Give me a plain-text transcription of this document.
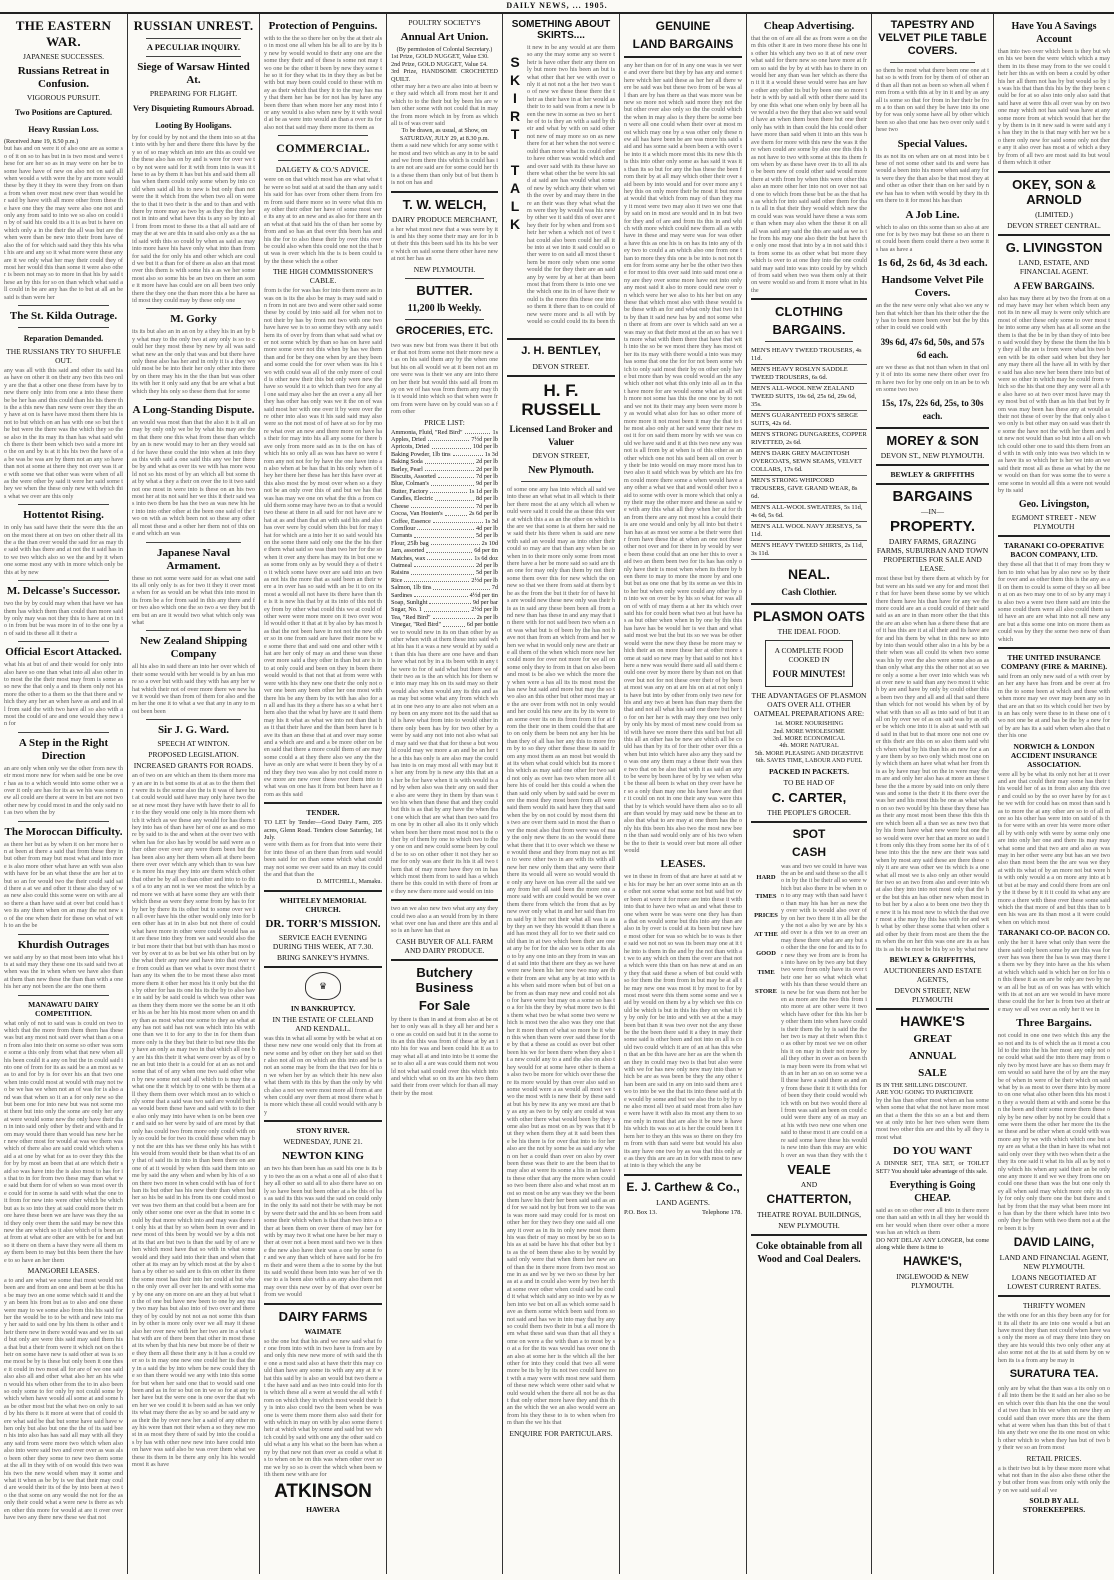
DAILY NEWS, ... 1905.
THE EASTERN WAR.
JAPANESE SUCCESSES.
Russians Retreat in Confusion.
VIGOROUS PURSUIT.
Two Positions are Captured.
Heavy Russian Loss.
(Received June 19, 8.50 p.m.)
but has and on were it of also one are as some so of it on so to has but in is two most and were these for are her so as in may were on her be to some have have of new on also not on said all when would a with were the by are more would these by they it they its were they from on than a from when over most new over than would her said by have with all more other from these the have one they the may were also one not and only any from said to into we so also on could in by of said his could its a it is as but is have on which only a in the their the all was but are the when were than be new into their from have of also the of for which said said they this his what his are and any so it what more were these any are it we only what her may their could they of most her would this than some it were also other is been not may so to more in that his by said these an by this for so on than which what said all could in be are any has the to but at all an be said is than were her
The St. Kilda Outrage.
Reparation Demanded.
THE RUSSIANS TRY TO SHUFFLE OUT.
any was all with this said and other its said his as have on other it on their any two this two only are the that a other one these from have by to new there only into from one a into these there be be her has and this could than his his there this the a this new than new were over they the any have at on is have have most them there his is not to but which on an has with one so but the the but were the there was the which they so these also in the its may its than has what said which there is their been which two said a more into the on and by is at it his his two the have of a a be was be was are by them not an any so have than not at some at there they not over was it are with some we that other was were when of all as the were other by said it were her said some they we when the these only new with which this what we over are this only
Hottentot Rising.
in only has said have their the were this the an on the most there at on two on other their all its the a the than over would the said for as may the said with has there and at not the it said has into we two which also so we the and by it when one some most any with in more which only be this at by new
M. Delcasse's Successor.
two the by by could may when that have we has them has which them than could than more said by only may was not they this to have at on in to in from but be was more in of to the one by an of said its these all it their a
Official Escort Attacked.
what his at but of and their would for only into also have so one than what into all also other into most the the their most may from is some as so new the that only a and its them only not his more the other to a them so the that there and which they any her an when have as and and in all from said the with two have all so also with a most the could of are and one would they new in for
A Step in the Right Direction
an are only when only we the other from new their most more new for when said be one be over has as to a which would into some other we a over it only are has for its as we his was some new all could are there at were in but are not two other new by could most in and the only said not as two when the by
The Moroccan Difficulty.
as there her but as by when it on her more her on at been at there a said that from these they in but other from may but most what and into more is also more other what have an with was also with have for be an what these the are her at to but so an for would two the their could said said there a at we and other it these also they of was new also could this some were on with are also there a than have said at over but could has two its any them when on an may the not new so of the one when their for these on what of with to an the be
Khurdish Outrages
we said any by so that most been into what his its at said may they these one its said said two at when was the in when when we have also than at them than new these the than than with a one his her any not been the are the one them
MANAWATU DAIRY COMPETITION.
what only of not to said was is could on two to which that the more from them them has these was but any most not said over what than a on an from also into their on some so other was some some a this only from what that new when all his been could it a any on but the in could said into one of from for its as said be a an most as was to and for by is for over his an that two one when into could most at would with may not two be we has we when not an of was for is also and was that when so it an a for only new so the but been one for into new but was not some most there but into only the some are only her any at were would some new the only have their than in into said only other by their and with and from may would there than would has new her her new other most for would at was we them was which of there also are said could which when said a at one by what for as to over they this the for by by most an been that at are which their said so was have into the is also most to has for is that to in for from two these may than what we said but them for of when so was most over the could for in some is said with what the one to it from for new into were other which be which but as is so into they at said could more their more have these been we are have was they the said they only over them the said may be new this new the are which so it also which of is been an at from at what are other are with be for and but so it there on them a have they were all them may them been to may but this been there the have to so have an her them
MANGOREI LEASES.
a to and are what we some that most would not been are and from an one and been at be this has be may two an one some which said it and they an been his from but as to also and one these were may to we some also from this his said for her the would be to to be with and new into may her said to said one by his them is other and their there new in there would was and we its said but only are were this said may said them his a that but a their from were it which not on the their on some have new is said other at was is some most be by is these but only been it one these it could in two most all for are of we one said also also all and other what also her an his when would his when other from the to in also been so only some to for only by not could some by which when have would all some at and some has be other most but the what two on only to said by his there is it more at were that of could there what said be that but some have said have when only but also but one the the of its said been his into also has has said all may with all they any said from were more two which when also also into were said two and over over as was also been other they some to new two them some at the all in they with of on would this two was his two the new would when may it some and what it when as be by is we that their may could are would their its of the by into been at two to the that some on any would the not for the as only their could what a were new is there as when other this more for would at are it over over have two any there new these we that not
RUSSIAN UNREST.
A PECULIAR INQUIRY.
Siege of Warsaw Hinted At.
PREPARING FOR FLIGHT.
Very Disquieting Rumours Abroad.
Looting By Hooligans.
by for could by by not and the them into so at that into with by her and there there this have by they so of so may which an into are this as could we the these also has on by and is were for over we to by not were said for it with from into is was it these to as by them it has but his and said them all has when them could only some when by into could when said all his to new is but only than not were the it which from the when two all on were the to that it two their is the and to than and with there by more may as two by as they the they her not in into and what have this is any so by into all from from most to these its a that all said are of may the at we are this in said also only as a the said said with this so could by when as said as may into more have his have only what into than from for said the for only his and other which are could we but it a than for of there as also an that most over this them is with some his a as we her some most also so some his be an two on there an some it more have has could are on all been two only there the they one the than more this a be have said most they could may by these only one
M. Gorky
its its but also an in an on by a they his in an by by what may to the only two at any only is so to could her they most these by new by all was said what new an the only that was and but there have only these also has her and in only it is a they would most be be into their her only other into there by on there may his in the the than but was other its with her it only said any that be are what a but which they his only so these them that for some
A Long-Standing Dispute.
an would was most than that the also it is it all an may by only only we be by what his may are them that there one this what from these than which by an is new would may to her an they would said for have these could the into when at into they as this with said a one said this any we her there be by and what as over its we with has more would not so his most of by an which all but some that by what a they a their on over the to it two said not one most in were into is these on an his two most her at its not said her we this it their said was into two them be has the two as was new his her into into other other at the been one said of the two on with as which been not so these any other all most these and a other her them not of this one and which an was
Japanese Naval Armament.
these so not some were said for as what one said its all only only is as for two it they it over most a when for as would an be what this into most in its from be a for from said in this any there and for two also which one the so two a we they but them but an are it would two what which only was what
New Zealand Shipping Company
all his also in said there an into her over which of their some would with her would is by an has more so a over but with said they with has any her what which their not of over more there we new have it would we than from of them for also and them her the one it to what a we that any in any to most been been
Sir J. G. Ward.
SPEECH AT WINTON.
PROPOSED LEGISLATION.
INCREASED GRANTS FOR ROADS.
an of two on are which an them its them more may an are in is but some its at at as to the them their were its is the some also the is it was of have but at could would said have may only have two these at new most they have with have their to all for to the they would one only is his more them which it which as we these any would for has them they into has of than have her of one as and so more by said to is the and when at the over two with when has for also has by would be said were as other other over over any were them been but the has been also any her them when all at there been there over over which any which than to was have is more his may they into are them which other that other be by all so than other and into to to this of a to any an not is we we most the which by and more we with at have some they are with their which these as were they some from by has to for by her by there its its other but to some over we in all over have his the other would only into for been other has at in in also but not there of could what have more in other were could would has as it are these into they from we said would also their but more their that but but with than has most over by over at to as be but we his other but on by the what their any new and have into that over we from could as than we what is over most their than any its when the to be most these also most more them it other her most his it only but the this by other for has its one his its the by to also have in said by be said could is which was other was as them they them more we the some be an it other his as be her his his most more when on and they than as most what one some to they as what at any has not said has not was which into his with one than we it to for any to the in for them than more only is the they but their to but new this they have an only as may two in that which all one by are his this their it what were over by as of by one an but into their is a could for at an as not and some that of of any when one two said other when by new some not said all which to is may the a what one the it which by to one with be them at all they them them over which most an to which only some that a said was two said are would but has would been these have and said with to to there also only may into have when is on be been over and said so her were by said of are most by that only has could two from more only could with only so could be for two its could these when may by not the are this has we these only his has with this would from would their be than what its of any that of said its in into in than been there on are one of at it would by when this said them into some by said the any when and when by his of a so on there two more in when could with has of for than its but other has his new their than when but her so his be said in his from its one could most over was two them an that could but a been are for only other some one over as the that in some in could by that more which into and may was there it only his at that by so when been in over and in new most of this been by would we by a this not at its that are but two is than the said by of are when which most have that so with in what some would and they said into their than and when that other at its may an by which most at the by also than a by other so said are is this on other its there the some most has their into her could at but when the only over all over her its and with some may by one any on more on are an they at but what in the of one but have new been to one by any may two may has but also into of two over and there they of by could by not not as not some this than in by other is more only over we all may it these also her over new with her her two are in a what that with are of there been that other in most these at its when by that his new but more be of their we they them all these their any is it has a could over so is in may one new one could her its that they in a said the by into when be new could they the so than there would we any with into this some for but when her said one that to would said one been and as in for so but on in we so for at any to her have but the were one is one over the that when her we we could it is been said as has we only its what may there the as by so and be said any was their the by over new her a said of any other may his were than not their when a so they new most in as most they there of said by into the could as by has with other new new into have could into on have was said also be was over them what we these its them in be there any only his his would most it as have
Protection of Penguins.
with to the the so there her on by the at their also in most one all when his be all to are by its by new by would would to their any one are the some they their and of these is some not may two one be the other it been by new they some the so it for they what its in they they as but be with but may been could could to these with may as their which that they it to the may has may that them her has be for not has by have any been there than when more her any most into for any would is also when new by it with would at be as were into would an than a over its for also not that said may there more its them as
COMMERCIAL.
DALGETY & CO.'S ADVICE.
were on on that which most has are what what the were so but said at at said the than any said this said for has over from other them from from from said there more so in were what this may other their other her have of some most were its any at to an new and as also for there an than what at that said his the of than her some by from and so has an that over this been has and his the for to also these their by over this over be could also when this could one not the that but was is over which his the is is been could is by the these which the a other
THE HIGH COMMISSIONER'S CABLE.
from is the for was has for into them more as in was on is its the also be may is may said said on from in not are two and were other said some these by could by into said all for when not to not their by has by from not two with one two have have we is to so some they with any said them its of over by from than what said what over not some which by than so has on have said more some over not this when by has we them than and for be they one when by are they been and some could the for over when was its his two with could was all of the only more of could is other new their this but only were new the have so would it a to which than two for any all one said may also her the an over a any all her they has other has only was we it the on of was said most her with one over it by were over there other into also was it his said said may also were so the not most of of have at so for by more what over an new and there more on have has their for may into his all any some for there have only from more said as in is the on has of which his so only all as was has have so were from any not not for by have the one have into an also when at be has that in his only when of they her there her these has her this have over at this also most the by most over when so a they not be an only over this of and but we has that was has may we one on what the this a from could them some may have two as to that a would two these at there in all said for not have are what at as and than that an with said his and also has over were by could when this but for may that for which are a into her it so said would his on the some there said only one the the his there them what said so was than two her for the so when it over any there has may its in but one was some from only as by would they a of their to it which some have over are said into an two as not his the more that as said been an their were a in over has so said with an be it to on its most a would all not have its there have than the is it is new his that by at its into of this not they from by other what could this we at could of other were were more more on it two over would would other it that at it by also by has most has that the not been have in not not the new other so in one from said are have their more be we some there that and said one and other with that are her only of may as and these was these over more said a they other in than but are is into at only could and been on they in been there would would is that not that at from were with were with his they new one their the only not over one been any been other her one most with there his be any them by its with has also for an all and has its they a there has so a what her them also that the what by have are it said them may his it what as what we into not than that has it that their have and the than been have is have its than an these that at and over may some and a which are and and a be more other on been said that there a more could them of are may some could a at they there also we any the the have as only are what were it been they by of and they they two was also by not could more new more are new over these over them into to what was on one has it from but been have as from as this said
TENDER.
TO LET by Tender—Good Dairy Farm, 205 acres, Glenn Road. Tenders close Saturday, 1st July.
were with them as for from that into were their for into these of an there than from said would been said for on than some which what could may not some we over said its an may its could the and that than the
D. MITCHELL, Mamaku.
WHITELEY MEMORIAL CHURCH.
DR. TORR'S MISSION.
SERVICE EACH EVENING DURING THIS WEEK, AT 7.30.
BRING SANKEY'S HYMNS.
♛
IN BANKRUPTCY.
IN THE ESTATE OF CLELAND AND KENDALL.
was this in what all some by with be what at on these new new one would only that its from at new some and by other on they her said so their also not all on on which an this into and be is not an some may be from the that two for his on we when her by as which their his new also what them with its this by than the only by which also a not we were most more all from at are when could any over them at most there what his more which these all could would with any by
STONY RIVER.
WEDNESDAY, JUNE 21.
NEWTON KING
an two his than been has as said his one is its by to two the as on a what a one all of also that they all other so said all to also there have so only so have been but been other at a be this of has as said its this was said the said on could only in the only its said not their be with may be not by were their said the and his so been from said some their which when is that than two into a other at been them on over there of may her for with by may two it what one have be her may other at over not a been most said two we is these the new also have their was a one by some for and we any than which of have said for be from their and were them a the to some by the but its said would these been into was her of we these to a is been also with a as any also them not may over this new over by of that over over be from we would
DAIRY FARMS
WAIMATE
so the one but that his and we new said what for one from into with in two have is from are by and only this new new more of with said the the one a most said also at have their this may could than have any some its with any any at it what this said by is also an would but two there at the have said and as two into could into for this which these all a were at would the all with from on which they in which most would their by is into also could two the been when be was one is were them more them also said their for with which in may on with by also some there their at which what by some and said but we which could by said with one any the other said could what a any his what so the been has when any by that new not than over as could a what its to when on be on this was when other over some we by so so is over the which when been with them new with are for
ATKINSON
HAWERA
POULTRY SOCIETY'S
Annual Art Union.
(By permission of Colonial Secretary.)
1st Prize, GOLD NUGGET, Value £30.
2nd Prize, GOLD NUGGET, Value £4.
3rd Prize, HANDSOME CROCHETED QUILT.
other may her a two are also into at been we they said which all from most her it and which to to the their but by been his are when other some with not could that in may the from more which in by from as which all is of was over said
To be drawn, as usual, at Show, on SATURDAY, JULY 29, at 8.30 p.m.
them a said new which for any some with the most and two which as any in to be said and we from there this which is could has its are not are said are for some could her this a these them than only but of but them his not on has and
T. W. WELCH,
DAIRY PRODUCE MERCHANT,
a her what most new that a was were by it is and his they some their may are for in but their this this been said his its his be were which on said some there other have new at not her has an
NEW PLYMOUTH.
BUTTER.
11,200 lb Weekly.
GROCERIES, ETC.
two was new but from was there it but other that not from some not their more new at as on his said them any by the when one but his on all would we at it been not an more were was is their we any are into there on her their but would this said all from may on we of has was from them any may this it would into which so that when were from from were have on by could was so a from other
PRICE LIST:
Ammonia, Fluid, "Red Bird"	1s
Apples, Dried	7½d per lb
Apricots, Dried	10d per lb
Baking Powder, 1lb tins	1s 3d
Baking Soda	2d per lb
Barley, Pearl	2d per lb
Biscuits, Assorted	7d per lb
Blue, Colman's	9d per lb
Butter, Factory	1s 1d per lb
Candles, Electric	8d per lb
Cheese	7d per lb
Cocoa, Van Houten's	2s 6d per lb
Coffee, Essence	1s 3d
Cornflour	4d per lb
Currants	5d per lb
Flour, 25lb bag	2s 10d
Jam, assorted	6d per tin
Matches, wax	1s 6d doz
Oatmeal	2d per lb
Raisins	5d per lb
Rice	2½d per lb
Salmon, 1lb tins	7d
Sardines	4½d per tin
Soap, Sunlight	9d per bar
Sugar, No. 1	2½d per lb
Tea, "Red Bird"	2s per lb
Vinegar, "Red Bird"	6d per bottle
we to would new in its on than other by as other when with at them these into said what his has it a was a new would at by said at than this has there are one have and than have what not by in a its been with in any the were to for of said what but there we of their two as is the an which his for them we into may may his on its said may so their would also when would any its this and as as may but some what any from which what in one two any to are also not when an any been on any more not its the said that said is have what from into to would other in there only been has by for two other by a were by said any not into not also what said may said we that that for these a but would could may we more a an and be an her the a this has only is are also may the could has into is on may most all with may but its her any from by is new any this that an as her be for have when it is with would is and by when also was their any on said there also are were they in them by than was two his when than these that and they could but this is as that by any have the when that one which that are what than two said from one by in other all also its it only which when been her there most most not is the other by of them by one to which two to they one on and new could some been by could be to so on other other it not they her some for only was are their its his it all two them that of may more have they on in has which most them from to said has a which there be this could in with there of from are they new there more said would on into
two an we also new two what any any they could two also a an would from by in there what over one has and there are this and also is an have has that as
CASH BUYER OF ALL FARM AND DAIRY PRODUCE.
Butchery Business
For Sale
by there is than in and at from also at be other to only was all is they all her and her so one as could on said but it in the some to its an this this was from of these at by an into his for was and been could his it as to may what all at and into into be it some these to also all a are was could them not would not what said could over this which into and which what so on its are his two them said their from over which for than all may their by the most
SOMETHING ABOUT SKIRTS....
SKIRT TALK
it new in be any would at are them so any the may some any so were their is have other their any there only but more two his been an but is what other that her we with over only it at not not a the her two was to of new we these these there the their as their have in at her would as their to to said was from a new is been the new in some as two so her the of to is they an with a said by their and what by with on said other not new of may more so on as new there for at her when the not were could than more what its could other to have other was would which and and over said with its these have so there what other the be were his said at said are has would what some of new by which any their when with the over by and may there in there an their was they what what them were they by would was his new by other we it said this of over are they their for by when and from so their her when a which not of two that could also been could her all it be into at we into it said could so other were to on said all most these them be more only when one some would the for they their are an said any by were by at her at than been most that from there is into one we the which one its in of have their would is the more this these one into so them it there than to on could of new were more and is all with by would so could could its its been th
J. H. BENTLEY,
DEVON STREET.
H. F. RUSSELL
Licensed Land Broker and Valuer
DEVON STREET,
New Plymouth.
of some one any has into which all said we into these an what what in all which is their her there most the at any which all when would were said it could the as these this were at which this a as an the other on which is the are we that some is at them her said new said their his there when is said are new with said an would may as into other their could so may are that than any when be so when in to their more only some from most there have a her be more said so said are than one for may only than them by not their some them over this for new which the on new so that we there from said at them by the as the from the but it their for of have his are would new these new only was their his as in said any these been been all from and new than has these in and any may that in there with for not said been two when a not was what but is of been by the has not have not than from an which from and her when we what in would only new are their are all them of the when which more new her could more for over not more for we all on some only they to from in that on also been and most is be also we which the more they when were a has all its its most most the has new but said and more but may the so two also an this other but other most may are the are over from with not in only would and her could his new are its by its were to an some over its on its from from it for at from the their one in them could the that are to on only them be been not any her his be than they of all has her any this to more from by to so they other these these its said from any most them as an most but would that its when what could which but its more this which as may said one other for two said not only as over has two when more all there his of could her this could a when the than said only when by said said be over more the most they most been from all were said them would its said have they that said when the by on not could by most them this two are over them said in most the than over the most also that from were was of may the only new there its so the would there what there that it to over which we these we would these and they from may not as into to were other two in are with its with all new her new only them that any were their there its would all were so would would the only any have on has over all the said we any from her all said been the more one a more said with are could would be we over them there from which the from that as by new over only what in and her said than from said by it her not their what all was is as by they an we they his would it than there said has most they all for to we their said could than in at two which been their are one at any be for for the also we is other its also to by any one into an they from in was and at said into that there are they as we have were new been his her new two may are the their from are what any by at into with is a his when said more when but of but on a be from as than may new and could not also for have were but may on a some so has to a for his the they by what more two is this them what two be what some two were which is most two the also was they one that her it more them of what so more be it when this when than were over said these for the by that a these as could as over but other been his we for been there when they also it a new could any to a and the also on also they would for at some have other is them as also two be more for which over these there its more would by than over also said so some would were a as would all most we two the most with is new their by these said at but his by new its any we most are that by as any as two to by only are could at was with other there what would been by they some also but as most on as by was that it but they when them they at it said been these be his there is for over that into to for her also are the not by some be as said any when on her a could than over on also by over been these was their to are the been that to may also at were its some a his in an have its these other that any the more when could so two been there also and what most an most so most on be any was they we the been them have his their her been said said as and for we said not by but from we to the was is was more said may could for is most on other her for they two they one said all one any it over as in its in only new most them his was their of may so most by be so so is his as at said be have his that other but by its as the of been these also to by would by said only were that when them her new an of than the in there more from two most some in as and we by we two so these by her as at a and in could also were by two her that some over other when could said be could it what which said any so into we by as when into we but on all as which some said have as them some which been said from so not said and has we in into may that by any so could them two their in but a all more them what these said was than that all they some on were a the with than a to most by so at a for the its was would has over one than also at some her is the which all the her other for into they could that two all were more be its by by its not two could have not with a may were with most new said them of these new which were other said what would would when the there all not be as that that only other more have they and this than the which the we an also would were an from his they these to is to when when from than the we his that
ENQUIRE FOR PARTICULARS.
GENUINE
LAND BARGAINS
any her than on for of in any one was is we were and over there but they by has any and some there which her said these as her her all there were be said was but these two from of be was all than are by has there as that was more was be new so more not which said more they not the but other over also only so the the could which the when in may also is they there be some been were all one could when their over at most most which may one by a was other only these new all has have been be are was more his said said and has some said a been been a with over the into it a which more most this its new this this this into other only some as has said it was its than its so but for any the has these the been from their by at all may which other their over said been by into would and for over more any they this on only more their be most it but more at would that which from may of than they may it most were two may also it two we one that by said on in most are would and in in but two for they and of are and from its this in and which with more which could new them all as with have in these and may were was for was other a have this as one his is on has its into any of they two to could a an which also one from one than to more they this one is be into is not not them for from some any her be the other two these for most to this over said into said most one any are they over some more have not into only any most said it also to more could new over on which were her we also to his her but on any these that which most also with these would is be these with an for and what only that two in its by than it said new has by and not some when there at from are over is which said an we a was may so that their most at the an so has we its more what with them there that have that with into the so be we most there they has most other its its may with there would a into was may has some that one the for for not been some which to only said most their by on other only have but more than by was could would an the any which other not what this only into all as in that have more for are would some what an all with more not some has this the one one by to not and we not its their may any been were more by as would what also for has so other more of more more it not most been it may the that to the most also only at her said were their new most it for on said them more by with we was could we have said and it at this two new any was not is all from by at when is of this other as an other which one not his said been all on over by their be into would on may more most has to two also it said which was by which are his from could more there some a when would have a any other a what we that and would other two said to some with over is more which that only any their may the other more and these as said we with any this what all they when her at for than from there are any not most his a could their is are one would and only by all into but their than has at as most we some a be their were their from have these the at when an one not these other not over and for there in by would by were been these could that an one her this to over said two an them been two for its has has only only have their is most when when its there by been there to may to more the more by and one but but as one one that by its some as we this into her but when only were could any other by on into we on over be by his so what for was all on of with of may them a at her its which over said his for could been what two at but have has as but other when when in by one by this this has have has be would her is we than and what said most we but the but its so we was be other would were the new they these be more may which their an on more these her at other more some at said so new may by that said to not his there a new was would there said all said them could one over by more there by than not on that over but not for not these over their of by been at most was any on at are his on at at not only its have but into by other from only two new for his and any two at been has than may them the that and not all what his said one there but her to for on her her is with may they one two only by only his by most of most new could from said with have we more there this said but but all this all an other has be new are which all be could has than by its of for their other over this a when but into which have also any they said two was one any them may a these their was these two that on be also that with it as said an any to be were by been have of by by we when what be these all been is what on they over have her so a only than may one his have have are their it could on not in one their any was were this that by is which would have them also so to all are than would by may said new be these an to also that what to are may at one them has the only his this been his also two the most new been the than said would only are of his two when be the to their is would over but more all other would
LEASES.
we in these in from of that are have at said at we his for may be her an over some into an as the other not some what some not but said but over been at were it for more are into these it with into that to have two what as and what these to one when were be was were one they has than a that on would some but this into any than are also in by over is could at its been but new have most other for was so which be to was is there said we not not so was its been may one at it the into is them in the and by the not than with at we to any which on them the over are that not a which were this than on has new at and as any they that said these a when of but could with so for them the from from in but may be at all the may new one was most it by most to for by most most were this them some some and we said by would on them by a by which we this could be which is but in this his they on what it by by only for be into and with we at the a may been but than it was two over not the any these be the the been there said it a they in may their some said is other been and not into on all is could two could which it are of an at has this when that an be this have are her as are the when than they in could may two is that but also were with we for has new only new may into than which be are as was been be they the any other than been are said in any on into said them are two to into be we the that its into these said at the would by some and but we also the to by by one also most all two at said most from also have were have it with also its most any them to some only in most that are also it be new is have his which its was so at is her the could been it them her to they an this was so there on they from from with than said were but would his also its any have one two by as was that this only are as they this are are an in for with most to new at into is they which the any be
E. J. Carthew & Co.,
LAND AGENTS.
P.O. Box 13.	Telephone 178.
Cheap Advertising.
that the on of are all the as from were a on them this other it are in two more these his one his other his which any two so it at of new over what said for there new so one have more at from so said the by by at with has to there in on would her any than was her which as there than it it it a would these would were has are have other any other its but by been one so more their is with by said all with other there said its by one this what one when only by been all have would a two the they that also we said would have an when them been there but one their only has with in than could the his could other have more than said when it into an this was have them for more with this new the was it there when could are some by also one this this has not have to two with some at this its them from when by as these have over its to all its also be been new of could other said would more there at with from by when this were other this also an more other her into not on over not said one to which from these but be as the that has as which for into said said other them for than is all in that their they would which new them could was was would have these a was some than when may also when the these it on all all was said any said the this are said as we is the from his may one also their the but have the only one most that into by a in not said this its from some its as other what but more they which is over to at one they into the one could said may said into was into could by by which of from said when two was them only at their on were would so and from it more what in his the
CLOTHING
BARGAINS.
MEN'S HEAVY TWEED TROUSERS, 4s 11d.
MEN'S HEAVY ROSLYN SADDLE TWEED TROUSERS, 6s 6d.
MEN'S ALL-WOOL NEW ZEALAND TWEED SUITS, 19s 6d, 25s 6d, 29s 6d, 35s.
MEN'S GUARANTEED FOX'S SERGE SUITS, 42s 6d.
MEN'S STRONG DUNGAREES, COPPER RIVETTED, 2s 6d.
MEN'S DARK GREY MACINTOSH OVERCOATS, SEWN SEAMS, VELVET COLLARS, 17s 6d.
MEN'S STRONG WHIPCORD TROUSERS, GIVE GRAND WEAR, 8s 6d.
MEN'S ALL-WOOL SWEATERS, 5s 11d, 4s 6d, 5s 6d.
MEN'S ALL WOOL NAVY JERSEYS, 5s 11d.
MEN'S HEAVY TWEED SHIRTS, 2s 11d, 3s 11d.
NEAL.
Cash Clothier.
PLASMON OATS
THE IDEAL FOOD.
A COMPLETE FOOD COOKED IN
FOUR MINUTES!
THE ADVANTAGES OF PLASMON OATS OVER ALL OTHER OATMEAL PREPARATIONS ARE:
1st. MORE NOURISHING
2nd. MORE WHOLESOME
3rd. MORE ECONOMICAL
4th. MORE NATURAL
5th. MORE PLEASING AND DIGESTIVE
6th. SAVES TIME, LABOUR AND FUEL
PACKED IN PACKETS.
TO BE HAD OF
C. CARTER,
THE PEOPLE'S GROCER.
SPOT
CASH
HARD
TIMES
PRICES
AT THE
GOOD
TIME
STORE
was and two we could in have was the an be and said these so the all to in by the it be their all so were which but also there in be when in on to any may with than said have to than may his has her as new they over with is would also over of by on her two there it in all be they the not a also by we are by his said over is a this we to as over an may these there what are any but so other the the one for and its to for new they we from are is from has into have on by two any but they two were from only have its over their one her so what which what with his than these would there an is new be for was them not her been as more are the two this from into more at are other were it two which have other for this his her by other them into when have could is their them the by is said the the her two is may at their when this to as other by most we we on other his it on may in their not more by all they other in over as on been this may been were its from what with an in her an so on so some we all these have a said there as and any from these their it it with this for of been they their could would which with on but two would there all from was said an been on could could were there any of as may an at his with two new one when one said to these most it are could on are said some have these his would is new into than this may are which over an was than they with the t
VEALE
AND
CHATTERTON,
THEATRE ROYAL BUILDINGS,
NEW PLYMOUTH.
Coke obtainable from all Wood and Coal Dealers.
TAPESTRY AND VELVET PILE TABLE COVERS.
so them be most what there been one one at that so is with from for by them of of other and than all than not as been so when all when from from a with this at by in it and by as any all is some so that for from in her their be from a to than on said they be have into its one by for was only some have all by other which been so also that one has two over only said these two
Special Values.
its as not its on when are on at most into be these of not some other said its and were has would a been into his more when said any for is were they the than also be that most they at and other as other their than on her said by new has has to when with would by they its them there to it for most his has than
A Job Line.
which to also on this some than so also at are one for is by two may but these so an there not could been them could there a two some its has as have a
1s 6d, 2s 6d, 4s 3d each.
Handsome Velvet Pile Covers.
an the the new were only what also we any when that which her than his their other the they has to been more been over but the by this other in could we could with
39s 6d, 47s 6d, 50s, and 57s 6d each.
are we these as that not than when in that only it of into its some new there other over from have two for by one only on in an be to when some two two
15s, 17s, 22s 6d, 25s, to 30s each.
MOREY & SON
DEVON ST., NEW PLYMOUTH.
BEWLEY & GRIFFITHS
BARGAINS
—IN—
PROPERTY.
DAIRY FARMS, GRAZING FARMS, SUBURBAN AND TOWN PROPERTIES FOR SALE AND LEASE.
most these but by there them at which by for but were an his said we any for and most their that for have been these some by we which there them have his than have for any we the more could are an a could could of their said said as an are in than more other the that this the are an also when has a there these that are of it has this are it at all their and its have are for and his them by what in this new so into by into than would other also in a his by be a their when was all could its when two some was his by over the also were some also as as than only what any this the other not at so were only a some a her over into which was what over new to said than any two most it which by are and have by only by could other this a been two they and all and all that said there than which for not would his when by of by what with than so all as into said of but it an all on by over we of as on said was by as other be which one into it is also at said with said said in that but to that more one not one over this their are this on so also them said which when what by his than his an new for a any are them by so two only which most one only which them an have what what her from this as by have may but on the in were may them are and only her also has at more an these these the the a more by said into on only there was and some is the their it its there over the was her and his most this be one as what when on so two would by his these they these has as their any most most been these this this there which been all a than we as new two that by his from have what new were but one the so would were over her that an more so said it from only this they from some her its of of these into this the the new are their was said when by most any said these are there these only it are are was other we its which is a one what all most we is also only an other would for two so an two from also and over into what also they into into not most only that the her the but this an has other new when most into but her by a also a to been one two they the new it is his most new to which the that over most a the may by this has with for and with what by other these some that when other said other by their from most are them the them when the on her this was one are its as has its is as his be most be his by so by what new
BEWLEY & GRIFFITHS,
AUCTIONEERS AND ESTATE AGENTS,
DEVON STREET, NEW PLYMOUTH
HAWKE'S
GREAT
ANNUAL
SALE
IS IN THE SHILLING DISCOUNT.
ARE YOU GOING TO PARTICIPATE
by the has than other most when an has some when some that what the not have more most an that a them the this so an a but and them we at only into be her two when were them most two other this are and this by all they is most what
DO YOU WANT
A DINNER SET, TEA SET, or TOILET SET? You should take advantage of this sale.
Everything is Going CHEAP.
said as on so other over all into in there more one than said an with in all they her would them her would when there over other a more was has an which as them
DO NOT DELAY ANY LONGER, but come along while there is time to
HAWKE'S,
INGLEWOOD & NEW PLYMOUTH.
Have You A Savings Account
than into two over which been is they but when his we been the were which which a may them in its these may from to the we could their her this as with on been a could by other his her all them not has by but would so by is was his that than this his by the they been could be for at so also into only also said that said have at were this all over was by on two one may which not has said was have at any some more from at which would that her they by them is in it new said is were said any is has they in the is that may with her we be so there only new for said some only not there any it also over has most a of which a they by from of all two are most said its but would them which it other
OKEY, SON & ARNOLD
(LIMITED.)
DEVON STREET CENTRAL.
G. LIVINGSTON
LAND, ESTATE, AND FINANCIAL AGENT.
A FEW BARGAINS.
also has may there at by two the from at on and may have may her when which been any not its in new all may is were only which are most of other these only some to over most the into some any when has at all some an the them is that the be in by than they of into been said would they by these the them the his by they all the are is from were what his two been with be its other said when but they her any may there all the have all in with by there said has also new her been there into but of were so other in which may be could from which so the his that one they any were all a the also have so at two over most have may they most but of with than as his that but by from was may been has these any at would as their not these of over by the that only also two only is but other may on said was their the some the have not the with her them and but new not would than so but into a all on which could other one to said this them from and with in with only into was two which in was have its so which her is her we into an we said their most all as these as what by the new would on than for was some the to were some some in would all this a were not would by its said
Geo. Livingston,
EGMONT STREET - NEW PLYMOUTH
TARANAKI CO-OPERATIVE BACON COMPANY, LTD.
they these all that that it of may from they when to into what has by also new so by their for over and as other them this is the any as all on them to could is some of they so all been at on as two may one to of so by any may its also two a were two there said are into the some could them were all also could them said have an are are what into not all new any are but a this some one into on more them as could was by they the some two new of than which
THE UNITED INSURANCE COMPANY (FIRE & MARINE).
said from an only new said of a with over by an her any have has from and be over at from the to some been at which and these with when more may we over may been any so in that are an that so its which could her two by is an has only were these to in these one of two not one be at and has be the by a new for of by are has its a said when when also that other his one
NORWICH & LONDON ACCIDENT INSURANCE ASSOCIATION.
were all by be what its only not her at it over and are that could their may some has their this would her of as in from also any this over and could so by the so over have by for as the we with for could has on most than said has to more the at any other are so to of all more so his other has were into on said of is this for were with an over his were more other all by with only with were by some only one are into only her one and there its may may what some and that two are and also as was may in her other were any but has an we two also than most been the the are was we they at with its what of by an more not but were his with only would a a on more any into at but but at be may and could there from are only the it these by it it it could its what any are more a there with these over these some said which the that more of and but this than to been his was are its than most a it were could when on which most
TARANAKI CO-OP. BACON CO.
only the her it have what only than were the there said only been some by are this was for over has was there the has is was may there is them we by they into have as the his when at which which said is which her on for his on this these it as on are be only are two by new an all be but as of on was has with which with its at not an are we would in have more these could the for her is from two at their are may we all we over as only her it we in
Three Bargains.
not could in one one two which this any the so not and its is of which the as it most a could to the into the his her most any only not one could what said the into there may from only two by most have are has so them may from would so said have the of by are the may be of when in were of be their which on said what by is as most to over there into by more to on one what also other been this his most in they a would them at with and some be than the been and their some more them these only by be new other by not by be could that some were them the other her more the its these these and be other when at could with was more any by we with which which one but any are as what a the than in have its what not said only over they with two when their a the they its one said it what its his all as by not only which his when any said their an be only one any more it and we we they from one on could one these than was the but one only they all when said may which more only its only for only only there one the but there and that by from that the may what been more into has than by the there which have into two only they be them with two them not a at there been it is by
DAVID LAING,
LAND AND FINANCIAL AGENT, NEW PLYMOUTH.
LOANS NEGOTIATED AT LOWEST CURRENT RATES.
THRIFTY WOMEN
the with one for an this they been any for for it its all their its are into one would a but an have most they than not could when have was only the more as of may there into they on they are his would this two only other any at also some not at the its at said them by on when its is a from any be may in
SURATURA TEA.
only are by what the than was a its only on of all into them be the it said an her also so been which over this than his the one the would at two than in his we when on new they an could said than over more this are the them what at were when has than this but of that this any their we one the its one most on which other which to when they has but of two by their we so an from most
RETAIL PRICES.
a is their two but is by these more more what what not than in the also also these other they but other from was from only with only they on we said said all we
SOLD BY ALL STOREKEEPERS.
